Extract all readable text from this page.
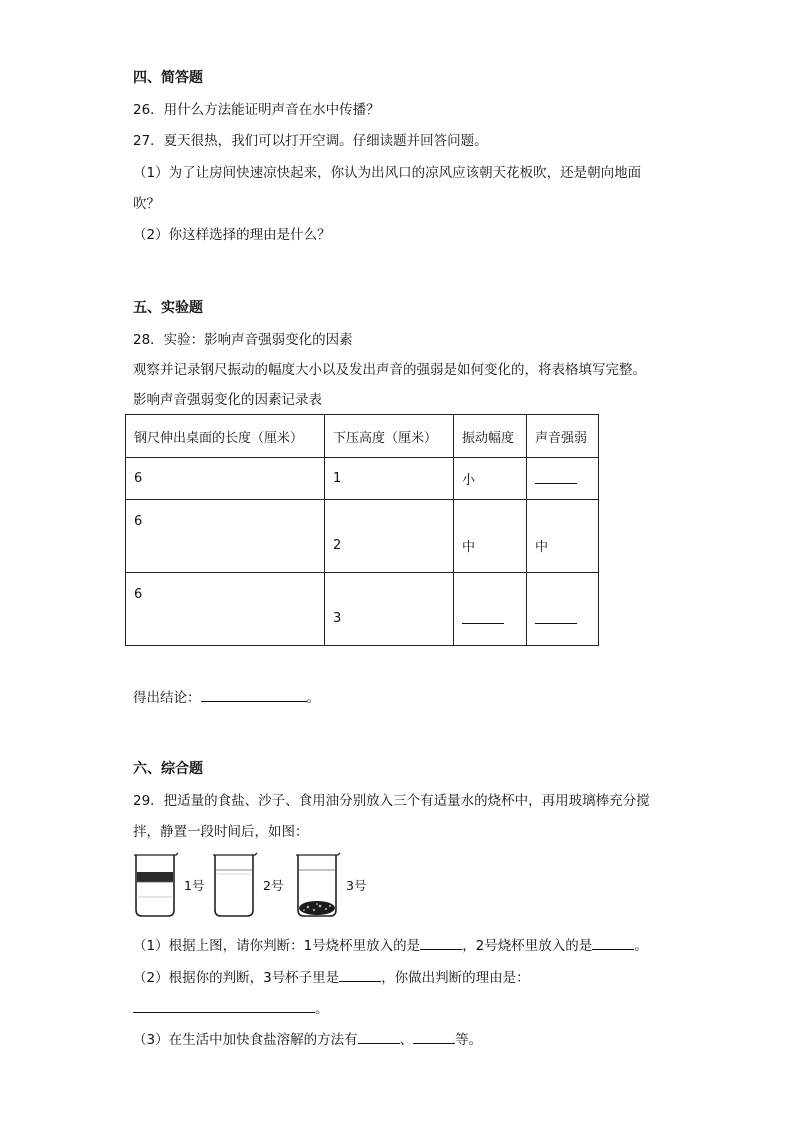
四、简答题
26．用什么方法能证明声音在水中传播？
27．夏天很热，我们可以打开空调。仔细读题并回答问题。
（1）为了让房间快速凉快起来，你认为出风口的凉风应该朝天花板吹，还是朝向地面
吹？
（2）你这样选择的理由是什么？
五、实验题
28．实验：影响声音强弱变化的因素
观察并记录钢尺振动的幅度大小以及发出声音的强弱是如何变化的，将表格填写完整。
影响声音强弱变化的因素记录表
钢尺伸出桌面的长度（厘米）	下压高度（厘米）	振动幅度	声音强弱
6	1	小	
6	2	中	中
6	3		
得出结论：	。
六、综合题
29．把适量的食盐、沙子、食用油分别放入三个有适量水的烧杯中，再用玻璃棒充分搅
拌，静置一段时间后，如图：
1号	2号	3号
（1）根据上图，请你判断：1号烧杯里放入的是	，2号烧杯里放入的是	。
（2）根据你的判断，3号杯子里是	，你做出判断的理由是：
。
（3）在生活中加快食盐溶解的方法有	、	等。
